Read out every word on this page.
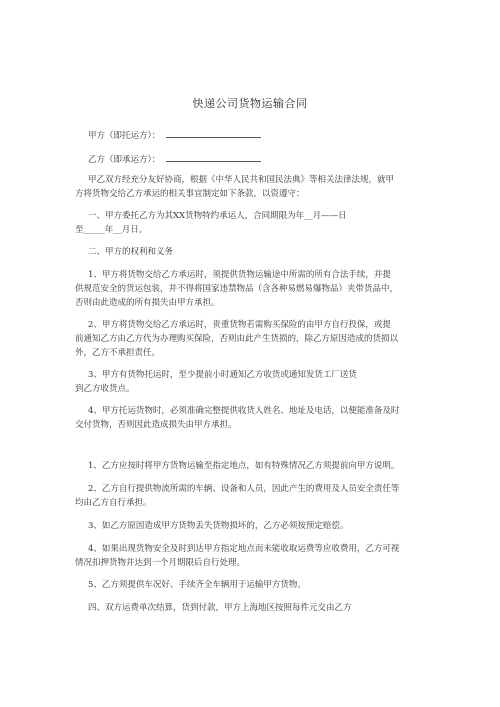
快递公司货物运输合同
甲方（即托运方）：
乙方（即承运方）：
甲乙双方经充分友好协商，根据《中华人民共和国民法典》等相关法律法规，就甲
方将货物交给乙方承运的相关事宜制定如下条款，以资遵守：
一、甲方委托乙方为其XX货物特约承运人，合同期限为年__月——日
至_____年__月日。
二、甲方的权利和义务
1、甲方将货物交给乙方承运时，须提供货物运输途中所需的所有合法手续，并提
供规范安全的货运包装，并不得将国家违禁物品（含各种易燃易爆物品）夹带货品中，
否则由此造成的所有损失由甲方承担。
2、甲方将货物交给乙方承运时，贵重货物若需购买保险的由甲方自行投保，或提
前通知乙方由乙方代为办理购买保险，否则由此产生货损的，除乙方原因造成的货损以
外，乙方不承担责任。
3、甲方有货物托运时，至少提前小时通知乙方收货或通知发货工厂送货
到乙方收货点。
4、甲方托运货物时，必须准确完整提供收货人姓名、地址及电话，以便能准备及时
交付货物，否则因此造成损失由甲方承担。
1、乙方应按时将甲方货物运输至指定地点，如有特殊情况乙方须提前向甲方说明。
2、乙方自行提供物流所需的车辆、设备和人员，因此产生的费用及人员安全责任等
均由乙方自行承担。
3、如乙方原因造成甲方货物丢失货物损坏的，乙方必须按预定赔偿。
4、如果出现货物安全及时到达甲方指定地点而未能收取运费等应收费用，乙方可视
情况扣押货物并达到一个月期限后自行处理。
5、乙方须提供车况好、手续齐全车辆用于运输甲方货物。
四、双方运费单次结算，货到付款，甲方上海地区按照每件元交由乙方
